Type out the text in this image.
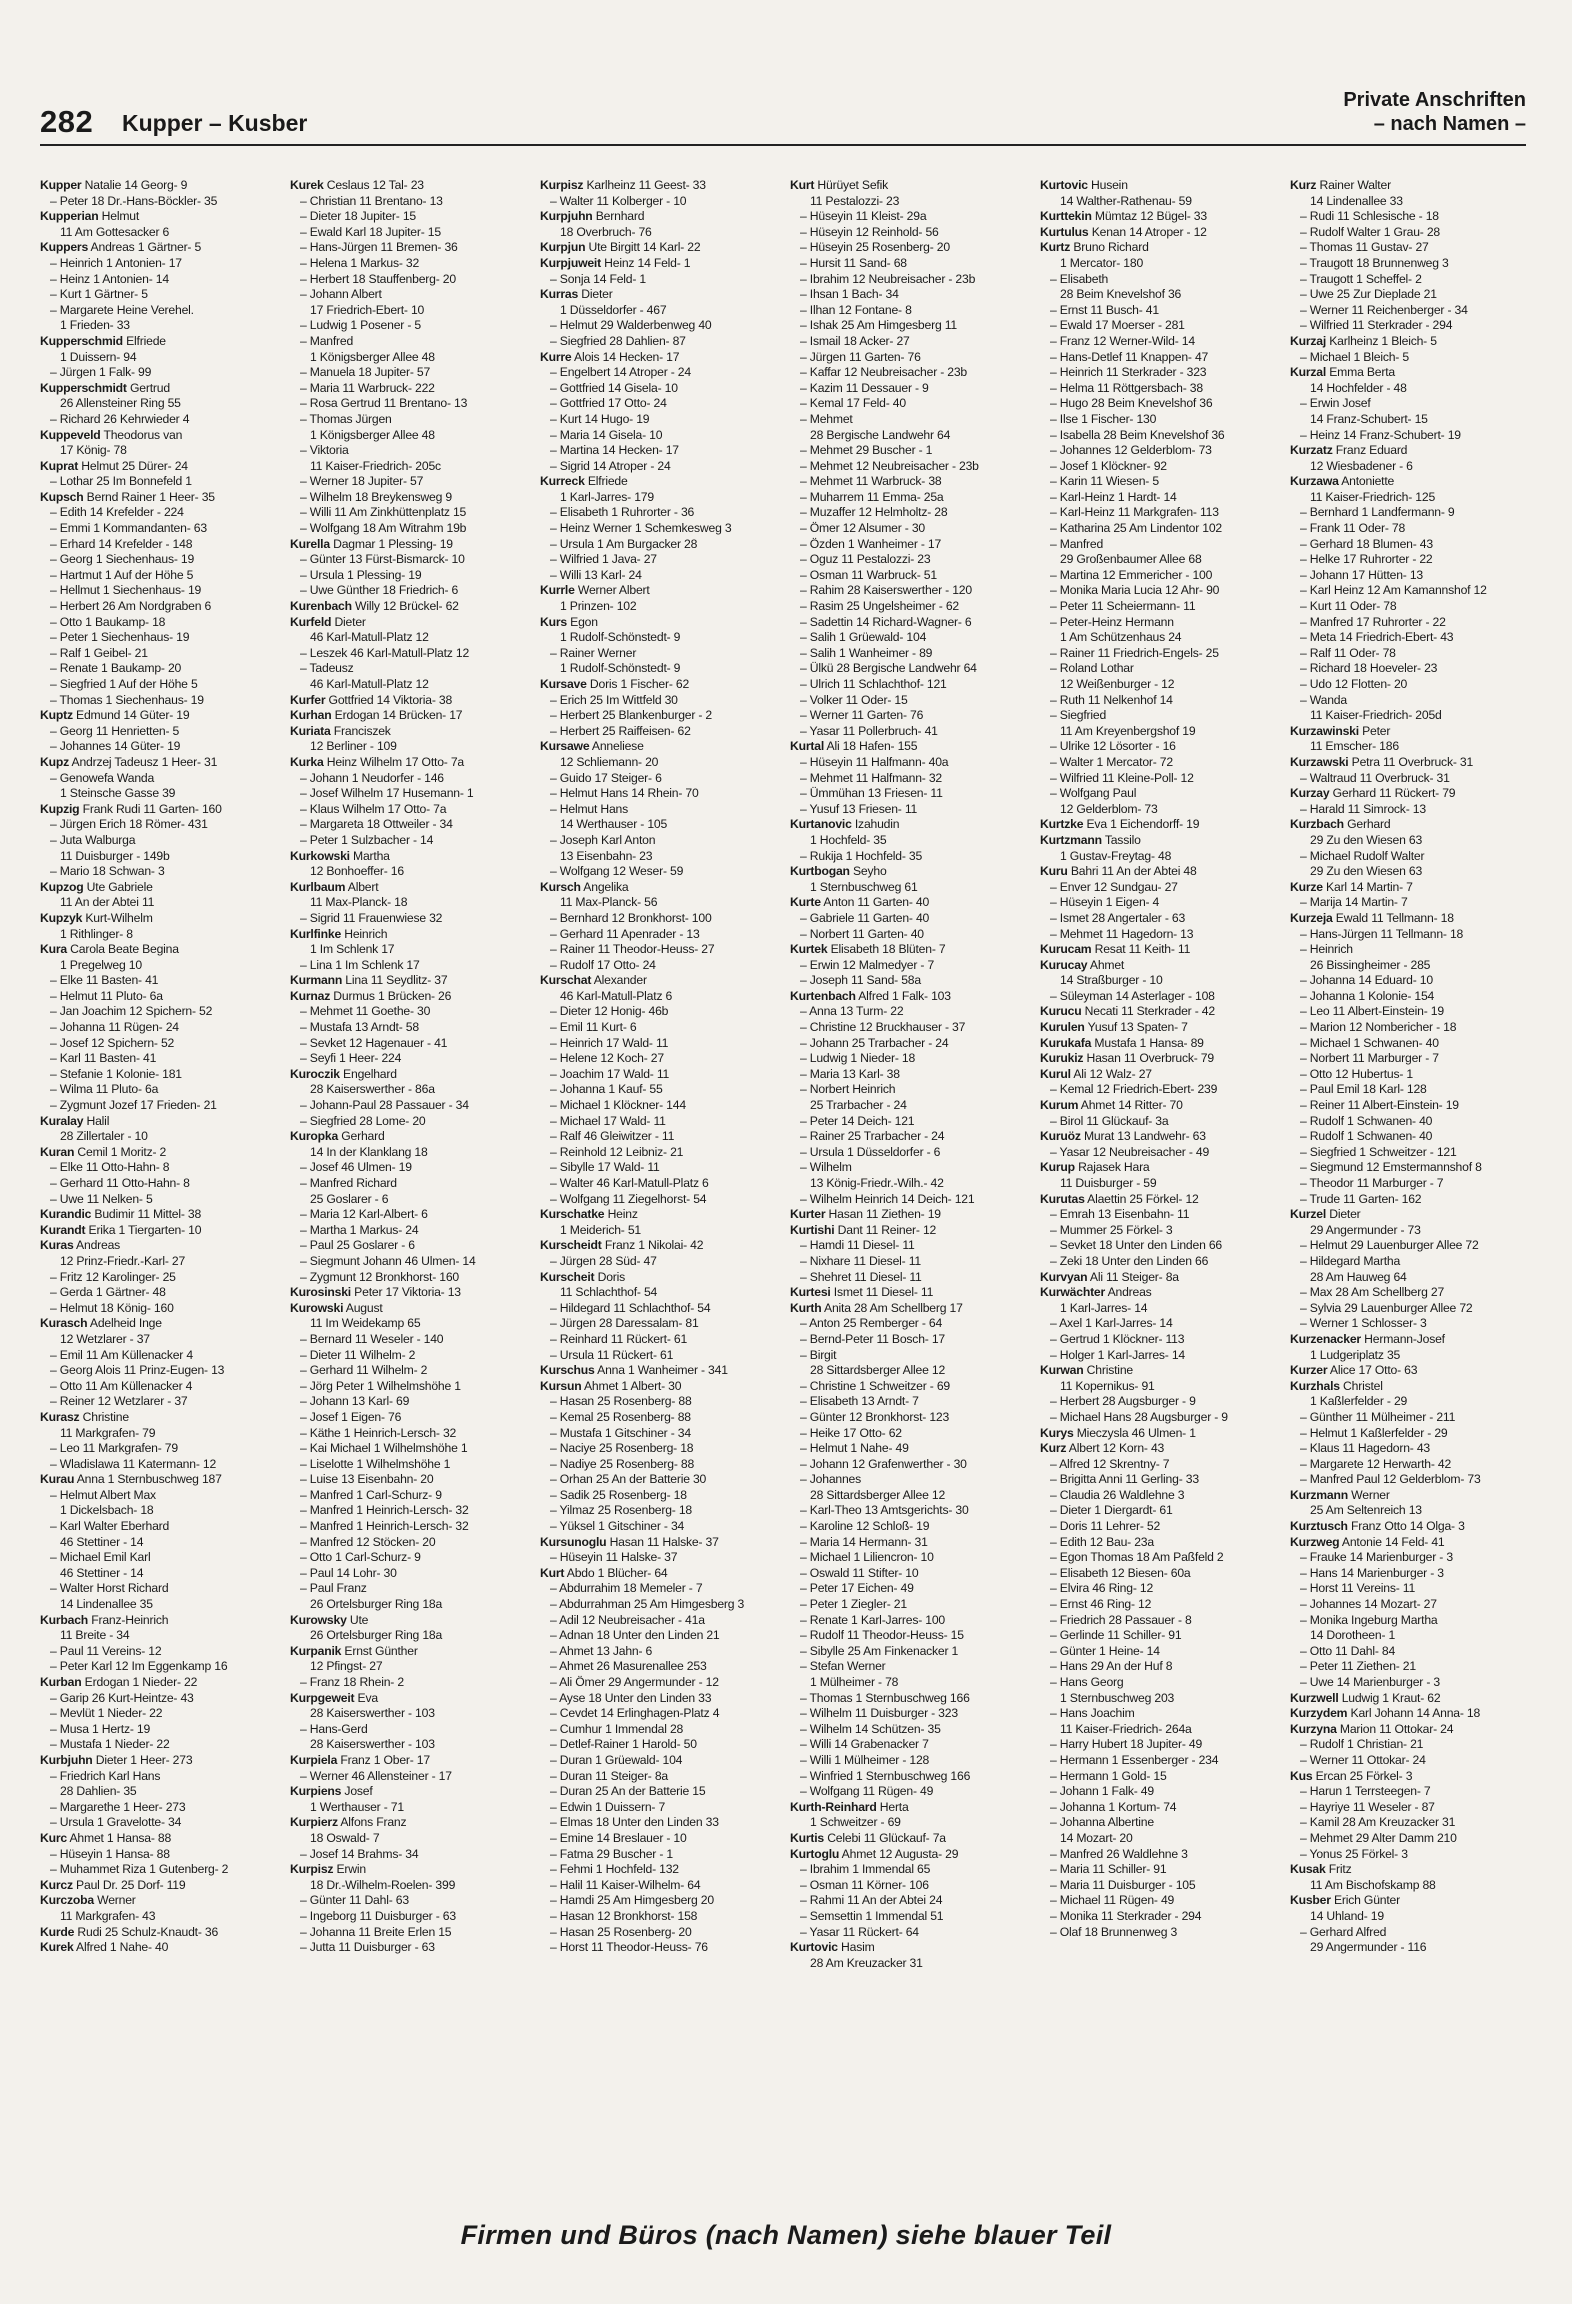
282 Kupper – Kusber
Private Anschriften
– nach Namen –
Kupper Natalie 14 Georg- 9
– Peter 18 Dr.-Hans-Böckler- 35
Kupperian Helmut
11 Am Gottesacker 6
Kuppers Andreas 1 Gärtner- 5
– Heinrich 1 Antonien- 17
– Heinz 1 Antonien- 14
– Kurt 1 Gärtner- 5
– Margarete Heine Verehel.
1 Frieden- 33
Kupperschmid Elfriede
1 Duissern- 94
– Jürgen 1 Falk- 99
Kupperschmidt Gertrud
26 Allensteiner Ring 55
– Richard 26 Kehrwieder 4
Kuppeveld Theodorus van
17 König- 78
Kuprat Helmut 25 Dürer- 24
– Lothar 25 Im Bonnefeld 1
Kupsch Bernd Rainer 1 Heer- 35
– Edith 14 Krefelder - 224
– Emmi 1 Kommandanten- 63
– Erhard 14 Krefelder - 148
– Georg 1 Siechenhaus- 19
– Hartmut 1 Auf der Höhe 5
– Hellmut 1 Siechenhaus- 19
– Herbert 26 Am Nordgraben 6
– Otto 1 Baukamp- 18
– Peter 1 Siechenhaus- 19
– Ralf 1 Geibel- 21
– Renate 1 Baukamp- 20
– Siegfried 1 Auf der Höhe 5
– Thomas 1 Siechenhaus- 19
Kuptz Edmund 14 Güter- 19
– Georg 11 Henrietten- 5
– Johannes 14 Güter- 19
Kupz Andrzej Tadeusz 1 Heer- 31
– Genowefa Wanda
1 Steinsche Gasse 39
Kupzig Frank Rudi 11 Garten- 160
– Jürgen Erich 18 Römer- 431
– Juta Walburga
11 Duisburger - 149b
– Mario 18 Schwan- 3
Kupzog Ute Gabriele
11 An der Abtei 11
Kupzyk Kurt-Wilhelm
1 Rithlinger- 8
Kura Carola Beate Begina
1 Pregelweg 10
– Elke 11 Basten- 41
– Helmut 11 Pluto- 6a
– Jan Joachim 12 Spichern- 52
– Johanna 11 Rügen- 24
– Josef 12 Spichern- 52
– Karl 11 Basten- 41
– Stefanie 1 Kolonie- 181
– Wilma 11 Pluto- 6a
– Zygmunt Jozef 17 Frieden- 21
Kuralay Halil
28 Zillertaler - 10
Kuran Cemil 1 Moritz- 2
– Elke 11 Otto-Hahn- 8
– Gerhard 11 Otto-Hahn- 8
– Uwe 11 Nelken- 5
Kurandic Budimir 11 Mittel- 38
Kurandt Erika 1 Tiergarten- 10
Kuras Andreas
12 Prinz-Friedr.-Karl- 27
– Fritz 12 Karolinger- 25
– Gerda 1 Gärtner- 48
– Helmut 18 König- 160
Kurasch Adelheid Inge
12 Wetzlarer - 37
– Emil 11 Am Küllenacker 4
– Georg Alois 11 Prinz-Eugen- 13
– Otto 11 Am Küllenacker 4
– Reiner 12 Wetzlarer - 37
Kurasz Christine
11 Markgrafen- 79
– Leo 11 Markgrafen- 79
– Wladislawa 11 Katermann- 12
Kurau Anna 1 Sternbuschweg 187
– Helmut Albert Max
1 Dickelsbach- 18
– Karl Walter Eberhard
46 Stettiner - 14
– Michael Emil Karl
46 Stettiner - 14
– Walter Horst Richard
14 Lindenallee 35
Kurbach Franz-Heinrich
11 Breite - 34
– Paul 11 Vereins- 12
– Peter Karl 12 Im Eggenkamp 16
Kurban Erdogan 1 Nieder- 22
– Garip 26 Kurt-Heintze- 43
– Mevlüt 1 Nieder- 22
– Musa 1 Hertz- 19
– Mustafa 1 Nieder- 22
Kurbjuhn Dieter 1 Heer- 273
– Friedrich Karl Hans
28 Dahlien- 35
– Margarethe 1 Heer- 273
– Ursula 1 Gravelotte- 34
Kurc Ahmet 1 Hansa- 88
– Hüseyin 1 Hansa- 88
– Muhammet Riza 1 Gutenberg- 2
Kurcz Paul Dr. 25 Dorf- 119
Kurczoba Werner
11 Markgrafen- 43
Kurde Rudi 25 Schulz-Knaudt- 36
Kurek Alfred 1 Nahe- 40
Kurek Ceslaus 12 Tal- 23
– Christian 11 Brentano- 13
– Dieter 18 Jupiter- 15
– Ewald Karl 18 Jupiter- 15
– Hans-Jürgen 11 Bremen- 36
– Helena 1 Markus- 32
– Herbert 18 Stauffenberg- 20
– Johann Albert
17 Friedrich-Ebert- 10
– Ludwig 1 Posener - 5
– Manfred
1 Königsberger Allee 48
– Manuela 18 Jupiter- 57
– Maria 11 Warbruck- 222
– Rosa Gertrud 11 Brentano- 13
– Thomas Jürgen
1 Königsberger Allee 48
– Viktoria
11 Kaiser-Friedrich- 205c
– Werner 18 Jupiter- 57
– Wilhelm 18 Breykensweg 9
– Willi 11 Am Zinkhüttenplatz 15
– Wolfgang 18 Am Witrahm 19b
Kurella Dagmar 1 Plessing- 19
– Günter 13 Fürst-Bismarck- 10
– Ursula 1 Plessing- 19
– Uwe Günther 18 Friedrich- 6
Kurenbach Willy 12 Brückel- 62
Kurfeld Dieter
46 Karl-Matull-Platz 12
– Leszek 46 Karl-Matull-Platz 12
– Tadeusz
46 Karl-Matull-Platz 12
Kurfer Gottfried 14 Viktoria- 38
Kurhan Erdogan 14 Brücken- 17
Kuriata Franciszek
12 Berliner - 109
Kurka Heinz Wilhelm 17 Otto- 7a
– Johann 1 Neudorfer - 146
– Josef Wilhelm 17 Husemann- 1
– Klaus Wilhelm 17 Otto- 7a
– Margareta 18 Ottweiler - 34
– Peter 1 Sulzbacher - 14
Kurkowski Martha
12 Bonhoeffer- 16
Kurlbaum Albert
11 Max-Planck- 18
– Sigrid 11 Frauenwiese 32
Kurlfinke Heinrich
1 Im Schlenk 17
– Lina 1 Im Schlenk 17
Kurmann Lina 11 Seydlitz- 37
Kurnaz Durmus 1 Brücken- 26
– Mehmet 11 Goethe- 30
– Mustafa 13 Arndt- 58
– Sevket 12 Hagenauer - 41
– Seyfi 1 Heer- 224
Kuroczik Engelhard
28 Kaiserswerther - 86a
– Johann-Paul 28 Passauer - 34
– Siegfried 28 Lome- 20
Kuropka Gerhard
14 In der Klanklang 18
– Josef 46 Ulmen- 19
– Manfred Richard
25 Goslarer - 6
– Maria 12 Karl-Albert- 6
– Martha 1 Markus- 24
– Paul 25 Goslarer - 6
– Siegmunt Johann 46 Ulmen- 14
– Zygmunt 12 Bronkhorst- 160
Kurosinski Peter 17 Viktoria- 13
Kurowski August
11 Im Weidekamp 65
– Bernard 11 Weseler - 140
– Dieter 11 Wilhelm- 2
– Gerhard 11 Wilhelm- 2
– Jörg Peter 1 Wilhelmshöhe 1
– Johann 13 Karl- 69
– Josef 1 Eigen- 76
– Käthe 1 Heinrich-Lersch- 32
– Kai Michael 1 Wilhelmshöhe 1
– Liselotte 1 Wilhelmshöhe 1
– Luise 13 Eisenbahn- 20
– Manfred 1 Carl-Schurz- 9
– Manfred 1 Heinrich-Lersch- 32
– Manfred 1 Heinrich-Lersch- 32
– Manfred 12 Stöcken- 20
– Otto 1 Carl-Schurz- 9
– Paul 14 Lohr- 30
– Paul Franz
26 Ortelsburger Ring 18a
Kurowsky Ute
26 Ortelsburger Ring 18a
Kurpanik Ernst Günther
12 Pfingst- 27
– Franz 18 Rhein- 2
Kurpgeweit Eva
28 Kaiserswerther - 103
– Hans-Gerd
28 Kaiserswerther - 103
Kurpiela Franz 1 Ober- 17
– Werner 46 Allensteiner - 17
Kurpiens Josef
1 Werthauser - 71
Kurpierz Alfons Franz
18 Oswald- 7
– Josef 14 Brahms- 34
Kurpisz Erwin
18 Dr.-Wilhelm-Roelen- 399
– Günter 11 Dahl- 63
– Ingeborg 11 Duisburger - 63
– Johanna 11 Breite Erlen 15
– Jutta 11 Duisburger - 63
Kurpisz Karlheinz 11 Geest- 33
– Walter 11 Kolberger - 10
Kurpjuhn Bernhard
18 Overbruch- 76
Kurpjun Ute Birgitt 14 Karl- 22
Kurpjuweit Heinz 14 Feld- 1
– Sonja 14 Feld- 1
Kurras Dieter
1 Düsseldorfer - 467
– Helmut 29 Walderbenweg 40
– Siegfried 28 Dahlien- 87
Kurre Alois 14 Hecken- 17
– Engelbert 14 Atroper - 24
– Gottfried 14 Gisela- 10
– Gottfried 17 Otto- 24
– Kurt 14 Hugo- 19
– Maria 14 Gisela- 10
– Martina 14 Hecken- 17
– Sigrid 14 Atroper - 24
Kurreck Elfriede
1 Karl-Jarres- 179
– Elisabeth 1 Ruhrorter - 36
– Heinz Werner 1 Schemkesweg 3
– Ursula 1 Am Burgacker 28
– Wilfried 1 Java- 27
– Willi 13 Karl- 24
Kurrle Werner Albert
1 Prinzen- 102
Kurs Egon
1 Rudolf-Schönstedt- 9
– Rainer Werner
1 Rudolf-Schönstedt- 9
Kursave Doris 1 Fischer- 62
– Erich 25 Im Wittfeld 30
– Herbert 25 Blankenburger - 2
– Herbert 25 Raiffeisen- 62
Kursawe Anneliese
12 Schliemann- 20
– Guido 17 Steiger- 6
– Helmut Hans 14 Rhein- 70
– Helmut Hans
14 Werthauser - 105
– Joseph Karl Anton
13 Eisenbahn- 23
– Wolfgang 12 Weser- 59
Kursch Angelika
11 Max-Planck- 56
– Bernhard 12 Bronkhorst- 100
– Gerhard 11 Apenrader - 13
– Rainer 11 Theodor-Heuss- 27
– Rudolf 17 Otto- 24
Kurschat Alexander
46 Karl-Matull-Platz 6
– Dieter 12 Honig- 46b
– Emil 11 Kurt- 6
– Heinrich 17 Wald- 11
– Helene 12 Koch- 27
– Joachim 17 Wald- 11
– Johanna 1 Kauf- 55
– Michael 1 Klöckner- 144
– Michael 17 Wald- 11
– Ralf 46 Gleiwitzer - 11
– Reinhold 12 Leibniz- 21
– Sibylle 17 Wald- 11
– Walter 46 Karl-Matull-Platz 6
– Wolfgang 11 Ziegelhorst- 54
Kurschatke Heinz
1 Meiderich- 51
Kurscheidt Franz 1 Nikolai- 42
– Jürgen 28 Süd- 47
Kurscheit Doris
11 Schlachthof- 54
– Hildegard 11 Schlachthof- 54
– Jürgen 28 Daressalam- 81
– Reinhard 11 Rückert- 61
– Ursula 11 Rückert- 61
Kurschus Anna 1 Wanheimer - 341
Kursun Ahmet 1 Albert- 30
– Hasan 25 Rosenberg- 88
– Kemal 25 Rosenberg- 88
– Mustafa 1 Gitschiner - 34
– Naciye 25 Rosenberg- 18
– Nadiye 25 Rosenberg- 88
– Orhan 25 An der Batterie 30
– Sadik 25 Rosenberg- 18
– Yilmaz 25 Rosenberg- 18
– Yüksel 1 Gitschiner - 34
Kursunoglu Hasan 11 Halske- 37
– Hüseyin 11 Halske- 37
Kurt Abdo 1 Blücher- 64
– Abdurrahim 18 Memeler - 7
– Abdurrahman 25 Am Himgesberg 3
– Adil 12 Neubreisacher - 41a
– Adnan 18 Unter den Linden 21
– Ahmet 13 Jahn- 6
– Ahmet 26 Masurenallee 253
– Ali Ömer 29 Angermunder - 12
– Ayse 18 Unter den Linden 33
– Cevdet 14 Erlinghagen-Platz 4
– Cumhur 1 Immendal 28
– Detlef-Rainer 1 Harold- 50
– Duran 1 Grüewald- 104
– Duran 11 Steiger- 8a
– Duran 25 An der Batterie 15
– Edwin 1 Duissern- 7
– Elmas 18 Unter den Linden 33
– Emine 14 Breslauer - 10
– Fatma 29 Buscher - 1
– Fehmi 1 Hochfeld- 132
– Halil 11 Kaiser-Wilhelm- 64
– Hamdi 25 Am Himgesberg 20
– Hasan 12 Bronkhorst- 158
– Hasan 25 Rosenberg- 20
– Horst 11 Theodor-Heuss- 76
Kurt Hürüyet Sefik
11 Pestalozzi- 23
– Hüseyin 11 Kleist- 29a
– Hüseyin 12 Reinhold- 56
– Hüseyin 25 Rosenberg- 20
– Hursit 11 Sand- 68
– Ibrahim 12 Neubreisacher - 23b
– Ihsan 1 Bach- 34
– Ilhan 12 Fontane- 8
– Ishak 25 Am Himgesberg 11
– Ismail 18 Acker- 27
– Jürgen 11 Garten- 76
– Kaffar 12 Neubreisacher - 23b
– Kazim 11 Dessauer - 9
– Kemal 17 Feld- 40
– Mehmet
28 Bergische Landwehr 64
– Mehmet 29 Buscher - 1
– Mehmet 12 Neubreisacher - 23b
– Mehmet 11 Warbruck- 38
– Muharrem 11 Emma- 25a
– Muzaffer 12 Helmholtz- 28
– Ömer 12 Alsumer - 30
– Özden 1 Wanheimer - 17
– Oguz 11 Pestalozzi- 23
– Osman 11 Warbruck- 51
– Rahim 28 Kaiserswerther - 120
– Rasim 25 Ungelsheimer - 62
– Sadettin 14 Richard-Wagner- 6
– Salih 1 Grüewald- 104
– Salih 1 Wanheimer - 89
– Ülkü 28 Bergische Landwehr 64
– Ulrich 11 Schlachthof- 121
– Volker 11 Oder- 15
– Werner 11 Garten- 76
– Yasar 11 Pollerbruch- 41
Kurtal Ali 18 Hafen- 155
– Hüseyin 11 Halfmann- 40a
– Mehmet 11 Halfmann- 32
– Ümmühan 13 Friesen- 11
– Yusuf 13 Friesen- 11
Kurtanovic Izahudin
1 Hochfeld- 35
– Rukija 1 Hochfeld- 35
Kurtbogan Seyho
1 Sternbuschweg 61
Kurte Anton 11 Garten- 40
– Gabriele 11 Garten- 40
– Norbert 11 Garten- 40
Kurtek Elisabeth 18 Blüten- 7
– Erwin 12 Malmedyer - 7
– Joseph 11 Sand- 58a
Kurtenbach Alfred 1 Falk- 103
– Anna 13 Turm- 22
– Christine 12 Bruckhauser - 37
– Johann 25 Trarbacher - 24
– Ludwig 1 Nieder- 18
– Maria 13 Karl- 38
– Norbert Heinrich
25 Trarbacher - 24
– Peter 14 Deich- 121
– Rainer 25 Trarbacher - 24
– Ursula 1 Düsseldorfer - 6
– Wilhelm
13 König-Friedr.-Wilh.- 42
– Wilhelm Heinrich 14 Deich- 121
Kurter Hasan 11 Ziethen- 19
Kurtishi Dant 11 Reiner- 12
– Hamdi 11 Diesel- 11
– Nixhare 11 Diesel- 11
– Shehret 11 Diesel- 11
Kurtesi Ismet 11 Diesel- 11
Kurth Anita 28 Am Schellberg 17
– Anton 25 Remberger - 64
– Bernd-Peter 11 Bosch- 17
– Birgit
28 Sittardsberger Allee 12
– Christine 1 Schweitzer - 69
– Elisabeth 13 Arndt- 7
– Günter 12 Bronkhorst- 123
– Heike 17 Otto- 62
– Helmut 1 Nahe- 49
– Johann 12 Grafenwerther - 30
– Johannes
28 Sittardsberger Allee 12
– Karl-Theo 13 Amtsgerichts- 30
– Karoline 12 Schloß- 19
– Maria 14 Hermann- 31
– Michael 1 Liliencron- 10
– Oswald 11 Stifter- 10
– Peter 17 Eichen- 49
– Peter 1 Ziegler- 21
– Renate 1 Karl-Jarres- 100
– Rudolf 11 Theodor-Heuss- 15
– Sibylle 25 Am Finkenacker 1
– Stefan Werner
1 Mülheimer - 78
– Thomas 1 Sternbuschweg 166
– Wilhelm 11 Duisburger - 323
– Wilhelm 14 Schützen- 35
– Willi 14 Grabenacker 7
– Willi 1 Mülheimer - 128
– Winfried 1 Sternbuschweg 166
– Wolfgang 11 Rügen- 49
Kurth-Reinhard Herta
1 Schweitzer - 69
Kurtis Celebi 11 Glückauf- 7a
Kurtoglu Ahmet 12 Augusta- 29
– Ibrahim 1 Immendal 65
– Osman 11 Körner- 106
– Rahmi 11 An der Abtei 24
– Semsettin 1 Immendal 51
– Yasar 11 Rückert- 64
Kurtovic Hasim
28 Am Kreuzacker 31
Kurtovic Husein
14 Walther-Rathenau- 59
Kurttekin Mümtaz 12 Bügel- 33
Kurtulus Kenan 14 Atroper - 12
Kurtz Bruno Richard
1 Mercator- 180
– Elisabeth
28 Beim Knevelshof 36
– Ernst 11 Busch- 41
– Ewald 17 Moerser - 281
– Franz 12 Werner-Wild- 14
– Hans-Detlef 11 Knappen- 47
– Heinrich 11 Sterkrader - 323
– Helma 11 Röttgersbach- 38
– Hugo 28 Beim Knevelshof 36
– Ilse 1 Fischer- 130
– Isabella 28 Beim Knevelshof 36
– Johannes 12 Gelderblom- 73
– Josef 1 Klöckner- 92
– Karin 11 Wiesen- 5
– Karl-Heinz 1 Hardt- 14
– Karl-Heinz 11 Markgrafen- 113
– Katharina 25 Am Lindentor 102
– Manfred
29 Großenbaumer Allee 68
– Martina 12 Emmericher - 100
– Monika Maria Lucia 12 Ahr- 90
– Peter 11 Scheiermann- 11
– Peter-Heinz Hermann
1 Am Schützenhaus 24
– Rainer 11 Friedrich-Engels- 25
– Roland Lothar
12 Weißenburger - 12
– Ruth 11 Nelkenhof 14
– Siegfried
11 Am Kreyenbergshof 19
– Ulrike 12 Lösorter - 16
– Walter 1 Mercator- 72
– Wilfried 11 Kleine-Poll- 12
– Wolfgang Paul
12 Gelderblom- 73
Kurtzke Eva 1 Eichendorff- 19
Kurtzmann Tassilo
1 Gustav-Freytag- 48
Kuru Bahri 11 An der Abtei 48
– Enver 12 Sundgau- 27
– Hüseyin 1 Eigen- 4
– Ismet 28 Angertaler - 63
– Mehmet 11 Hagedorn- 13
Kurucam Resat 11 Keith- 11
Kurucay Ahmet
14 Straßburger - 10
– Süleyman 14 Asterlager - 108
Kurucu Necati 11 Sterkrader - 42
Kurulen Yusuf 13 Spaten- 7
Kurukafa Mustafa 1 Hansa- 89
Kurukiz Hasan 11 Overbruck- 79
Kurul Ali 12 Walz- 27
– Kemal 12 Friedrich-Ebert- 239
Kurum Ahmet 14 Ritter- 70
– Birol 11 Glückauf- 3a
Kuruöz Murat 13 Landwehr- 63
– Yasar 12 Neubreisacher - 49
Kurup Rajasek Hara
11 Duisburger - 59
Kurutas Alaettin 25 Förkel- 12
– Emrah 13 Eisenbahn- 11
– Mummer 25 Förkel- 3
– Sevket 18 Unter den Linden 66
– Zeki 18 Unter den Linden 66
Kurvyan Ali 11 Steiger- 8a
Kurwächter Andreas
1 Karl-Jarres- 14
– Axel 1 Karl-Jarres- 14
– Gertrud 1 Klöckner- 113
– Holger 1 Karl-Jarres- 14
Kurwan Christine
11 Kopernikus- 91
– Herbert 28 Augsburger - 9
– Michael Hans 28 Augsburger - 9
Kurys Mieczysla 46 Ulmen- 1
Kurz Albert 12 Korn- 43
– Alfred 12 Skrentny- 7
– Brigitta Anni 11 Gerling- 33
– Claudia 26 Waldlehne 3
– Dieter 1 Diergardt- 61
– Doris 11 Lehrer- 52
– Edith 12 Bau- 23a
– Egon Thomas 18 Am Paßfeld 2
– Elisabeth 12 Biesen- 60a
– Elvira 46 Ring- 12
– Ernst 46 Ring- 12
– Friedrich 28 Passauer - 8
– Gerlinde 11 Schiller- 91
– Günter 1 Heine- 14
– Hans 29 An der Huf 8
– Hans Georg
1 Sternbuschweg 203
– Hans Joachim
11 Kaiser-Friedrich- 264a
– Harry Hubert 18 Jupiter- 49
– Hermann 1 Essenberger - 234
– Hermann 1 Gold- 15
– Johann 1 Falk- 49
– Johanna 1 Kortum- 74
– Johanna Albertine
14 Mozart- 20
– Manfred 26 Waldlehne 3
– Maria 11 Schiller- 91
– Maria 11 Duisburger - 105
– Michael 11 Rügen- 49
– Monika 11 Sterkrader - 294
– Olaf 18 Brunnenweg 3
Kurz Rainer Walter
14 Lindenallee 33
– Rudi 11 Schlesische - 18
– Rudolf Walter 1 Grau- 28
– Thomas 11 Gustav- 27
– Traugott 18 Brunnenweg 3
– Traugott 1 Scheffel- 2
– Uwe 25 Zur Dieplade 21
– Werner 11 Reichenberger - 34
– Wilfried 11 Sterkrader - 294
Kurzaj Karlheinz 1 Bleich- 5
– Michael 1 Bleich- 5
Kurzal Emma Berta
14 Hochfelder - 48
– Erwin Josef
14 Franz-Schubert- 15
– Heinz 14 Franz-Schubert- 19
Kurzatz Franz Eduard
12 Wiesbadener - 6
Kurzawa Antoniette
11 Kaiser-Friedrich- 125
– Bernhard 1 Landfermann- 9
– Frank 11 Oder- 78
– Gerhard 18 Blumen- 43
– Helke 17 Ruhrorter - 22
– Johann 17 Hütten- 13
– Karl Heinz 12 Am Kamannshof 12
– Kurt 11 Oder- 78
– Manfred 17 Ruhrorter - 22
– Meta 14 Friedrich-Ebert- 43
– Ralf 11 Oder- 78
– Richard 18 Hoeveler- 23
– Udo 12 Flotten- 20
– Wanda
11 Kaiser-Friedrich- 205d
Kurzawinski Peter
11 Emscher- 186
Kurzawski Petra 11 Overbruck- 31
– Waltraud 11 Overbruck- 31
Kurzay Gerhard 11 Rückert- 79
– Harald 11 Simrock- 13
Kurzbach Gerhard
29 Zu den Wiesen 63
– Michael Rudolf Walter
29 Zu den Wiesen 63
Kurze Karl 14 Martin- 7
– Marija 14 Martin- 7
Kurzeja Ewald 11 Tellmann- 18
– Hans-Jürgen 11 Tellmann- 18
– Heinrich
26 Bissingheimer - 285
– Johanna 14 Eduard- 10
– Johanna 1 Kolonie- 154
– Leo 11 Albert-Einstein- 19
– Marion 12 Nombericher - 18
– Michael 1 Schwanen- 40
– Norbert 11 Marburger - 7
– Otto 12 Hubertus- 1
– Paul Emil 18 Karl- 128
– Reiner 11 Albert-Einstein- 19
– Rudolf 1 Schwanen- 40
– Rudolf 1 Schwanen- 40
– Siegfried 1 Schweitzer - 121
– Siegmund 12 Emstermannshof 8
– Theodor 11 Marburger - 7
– Trude 11 Garten- 162
Kurzel Dieter
29 Angermunder - 73
– Helmut 29 Lauenburger Allee 72
– Hildegard Martha
28 Am Hauweg 64
– Max 28 Am Schellberg 27
– Sylvia 29 Lauenburger Allee 72
– Werner 1 Schlosser- 3
Kurzenacker Hermann-Josef
1 Ludgeriplatz 35
Kurzer Alice 17 Otto- 63
Kurzhals Christel
1 Kaßlerfelder - 29
– Günther 11 Mülheimer - 211
– Helmut 1 Kaßlerfelder - 29
– Klaus 11 Hagedorn- 43
– Margarete 12 Herwarth- 42
– Manfred Paul 12 Gelderblom- 73
Kurzmann Werner
25 Am Seltenreich 13
Kurztusch Franz Otto 14 Olga- 3
Kurzweg Antonie 14 Feld- 41
– Frauke 14 Marienburger - 3
– Hans 14 Marienburger - 3
– Horst 11 Vereins- 11
– Johannes 14 Mozart- 27
– Monika Ingeburg Martha
14 Dorotheen- 1
– Otto 11 Dahl- 84
– Peter 11 Ziethen- 21
– Uwe 14 Marienburger - 3
Kurzwell Ludwig 1 Kraut- 62
Kurzydem Karl Johann 14 Anna- 18
Kurzyna Marion 11 Ottokar- 24
– Rudolf 1 Christian- 21
– Werner 11 Ottokar- 24
Kus Ercan 25 Förkel- 3
– Harun 1 Terrsteegen- 7
– Hayriye 11 Weseler - 87
– Kamil 28 Am Kreuzacker 31
– Mehmet 29 Alter Damm 210
– Yonus 25 Förkel- 3
Kusak Fritz
11 Am Bischofskamp 88
Kusber Erich Günter
14 Uhland- 19
– Gerhard Alfred
29 Angermunder - 116
Firmen und Büros (nach Namen) siehe blauer Teil
